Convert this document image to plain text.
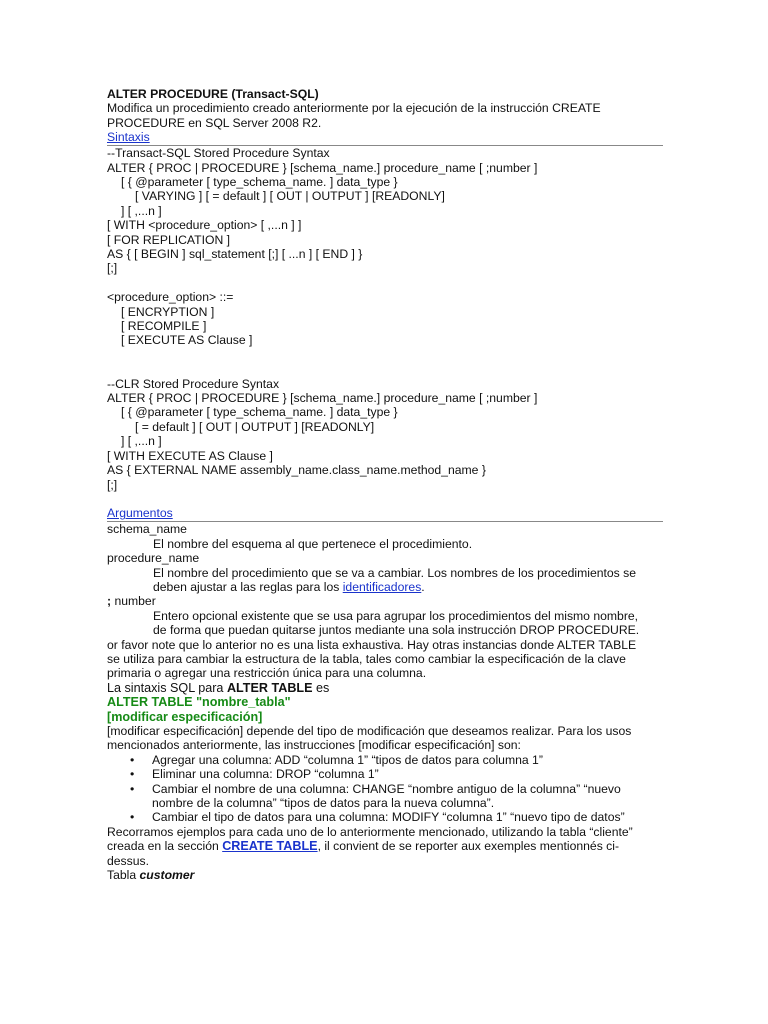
ALTER PROCEDURE (Transact-SQL)
Modifica un procedimiento creado anteriormente por la ejecución de la instrucción CREATE
PROCEDURE en SQL Server 2008 R2.
Sintaxis
--Transact-SQL Stored Procedure Syntax
ALTER { PROC | PROCEDURE } [schema_name.] procedure_name [ ;number ]
[ { @parameter [ type_schema_name. ] data_type }
[ VARYING ] [ = default ] [ OUT | OUTPUT ] [READONLY]
] [ ,...n ]
[ WITH <procedure_option> [ ,...n ] ]
[ FOR REPLICATION ]
AS { [ BEGIN ] sql_statement [;] [ ...n ] [ END ] }
[;]
<procedure_option> ::=
[ ENCRYPTION ]
[ RECOMPILE ]
[ EXECUTE AS Clause ]
--CLR Stored Procedure Syntax
ALTER { PROC | PROCEDURE } [schema_name.] procedure_name [ ;number ]
[ { @parameter [ type_schema_name. ] data_type }
[ = default ] [ OUT | OUTPUT ] [READONLY]
] [ ,...n ]
[ WITH EXECUTE AS Clause ]
AS { EXTERNAL NAME assembly_name.class_name.method_name }
[;]
Argumentos
schema_name
El nombre del esquema al que pertenece el procedimiento.
procedure_name
El nombre del procedimiento que se va a cambiar. Los nombres de los procedimientos se
deben ajustar a las reglas para los identificadores.
; number
Entero opcional existente que se usa para agrupar los procedimientos del mismo nombre,
de forma que puedan quitarse juntos mediante una sola instrucción DROP PROCEDURE.
or favor note que lo anterior no es una lista exhaustiva. Hay otras instancias donde ALTER TABLE
se utiliza para cambiar la estructura de la tabla, tales como cambiar la especificación de la clave
primaria o agregar una restricción única para una columna.
La sintaxis SQL para ALTER TABLE es
ALTER TABLE "nombre_tabla"
[modificar especificación]
[modificar especificación] depende del tipo de modificación que deseamos realizar. Para los usos
mencionados anteriormente, las instrucciones [modificar especificación] son:
• Agregar una columna: ADD “columna 1” “tipos de datos para columna 1”
• Eliminar una columna: DROP “columna 1”
• Cambiar el nombre de una columna: CHANGE “nombre antiguo de la columna” “nuevo
nombre de la columna” “tipos de datos para la nueva columna”.
• Cambiar el tipo de datos para una columna: MODIFY “columna 1” “nuevo tipo de datos”
Recorramos ejemplos para cada uno de lo anteriormente mencionado, utilizando la tabla “cliente”
creada en la sección CREATE TABLE, il convient de se reporter aux exemples mentionnés ci-
dessus.
Tabla customer
